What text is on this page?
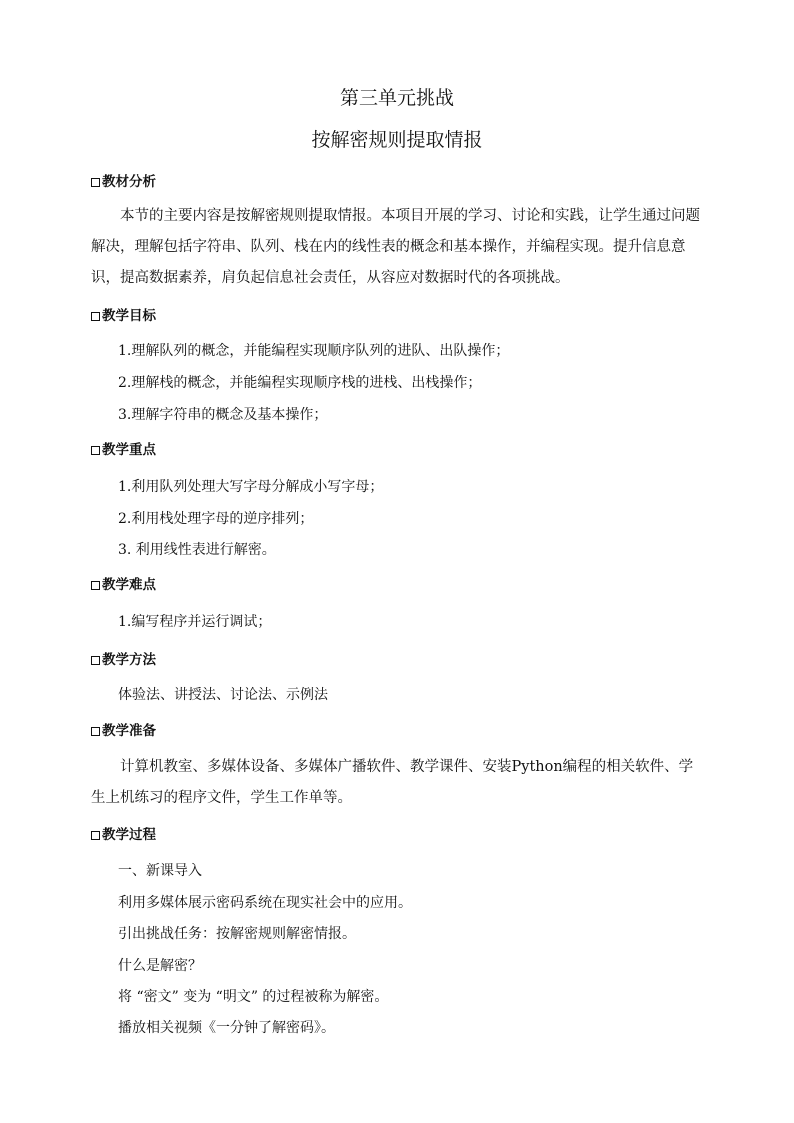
第三单元挑战
按解密规则提取情报
教材分析
本节的主要内容是按解密规则提取情报。本项目开展的学习、讨论和实践，让学生通过问题解决，理解包括字符串、队列、栈在内的线性表的概念和基本操作，并编程实现。提升信息意识，提高数据素养，肩负起信息社会责任，从容应对数据时代的各项挑战。
教学目标
1.理解队列的概念，并能编程实现顺序队列的进队、出队操作；
2.理解栈的概念，并能编程实现顺序栈的进栈、出栈操作；
3.理解字符串的概念及基本操作；
教学重点
1.利用队列处理大写字母分解成小写字母；
2.利用栈处理字母的逆序排列；
3. 利用线性表进行解密。
教学难点
1.编写程序并运行调试；
教学方法
体验法、讲授法、讨论法、示例法
教学准备
计算机教室、多媒体设备、多媒体广播软件、教学课件、安装Python编程的相关软件、学生上机练习的程序文件，学生工作单等。
教学过程
一、新课导入
利用多媒体展示密码系统在现实社会中的应用。
引出挑战任务：按解密规则解密情报。
什么是解密？
将 “密文” 变为 “明文” 的过程被称为解密。
播放相关视频《一分钟了解密码》。
